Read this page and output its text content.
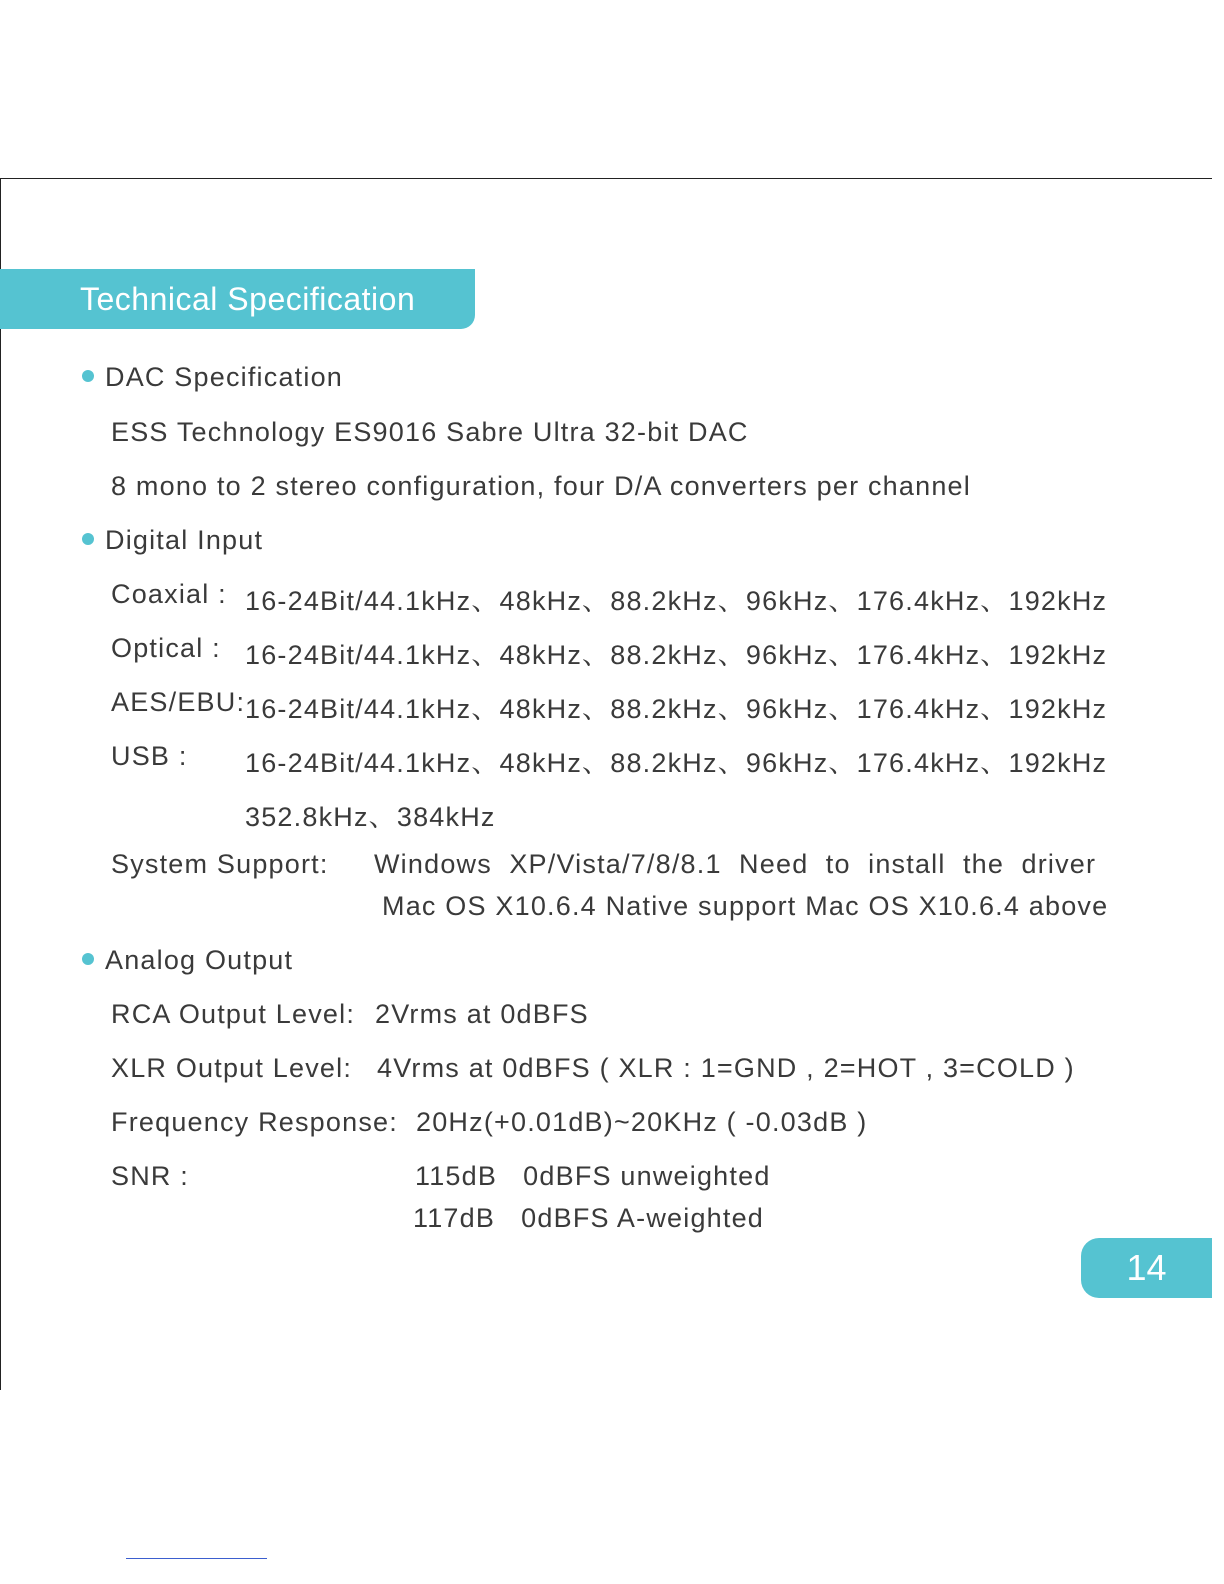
Technical Specification
DAC Specification
ESS Technology ES9016 Sabre Ultra 32-bit DAC
8 mono to 2 stereo configuration, four D/A converters per channel
Digital Input
Coaxial : 16-24Bit/44.1kHz、48kHz、88.2kHz、96kHz、176.4kHz、192kHz
Optical : 16-24Bit/44.1kHz、48kHz、88.2kHz、96kHz、176.4kHz、192kHz
AES/EBU: 16-24Bit/44.1kHz、48kHz、88.2kHz、96kHz、176.4kHz、192kHz
USB : 16-24Bit/44.1kHz、48kHz、88.2kHz、96kHz、176.4kHz、192kHz
352.8kHz、384kHz
System Support: Windows  XP/Vista/7/8/8.1  Need  to  install  the  driver
Mac OS X10.6.4 Native support Mac OS X10.6.4 above
Analog Output
RCA Output Level: 2Vrms at 0dBFS
XLR Output Level: 4Vrms at 0dBFS ( XLR : 1=GND , 2=HOT , 3=COLD )
Frequency Response: 20Hz(+0.01dB)~20KHz ( -0.03dB )
SNR :	115dB   0dBFS unweighted
117dB   0dBFS A-weighted
14
